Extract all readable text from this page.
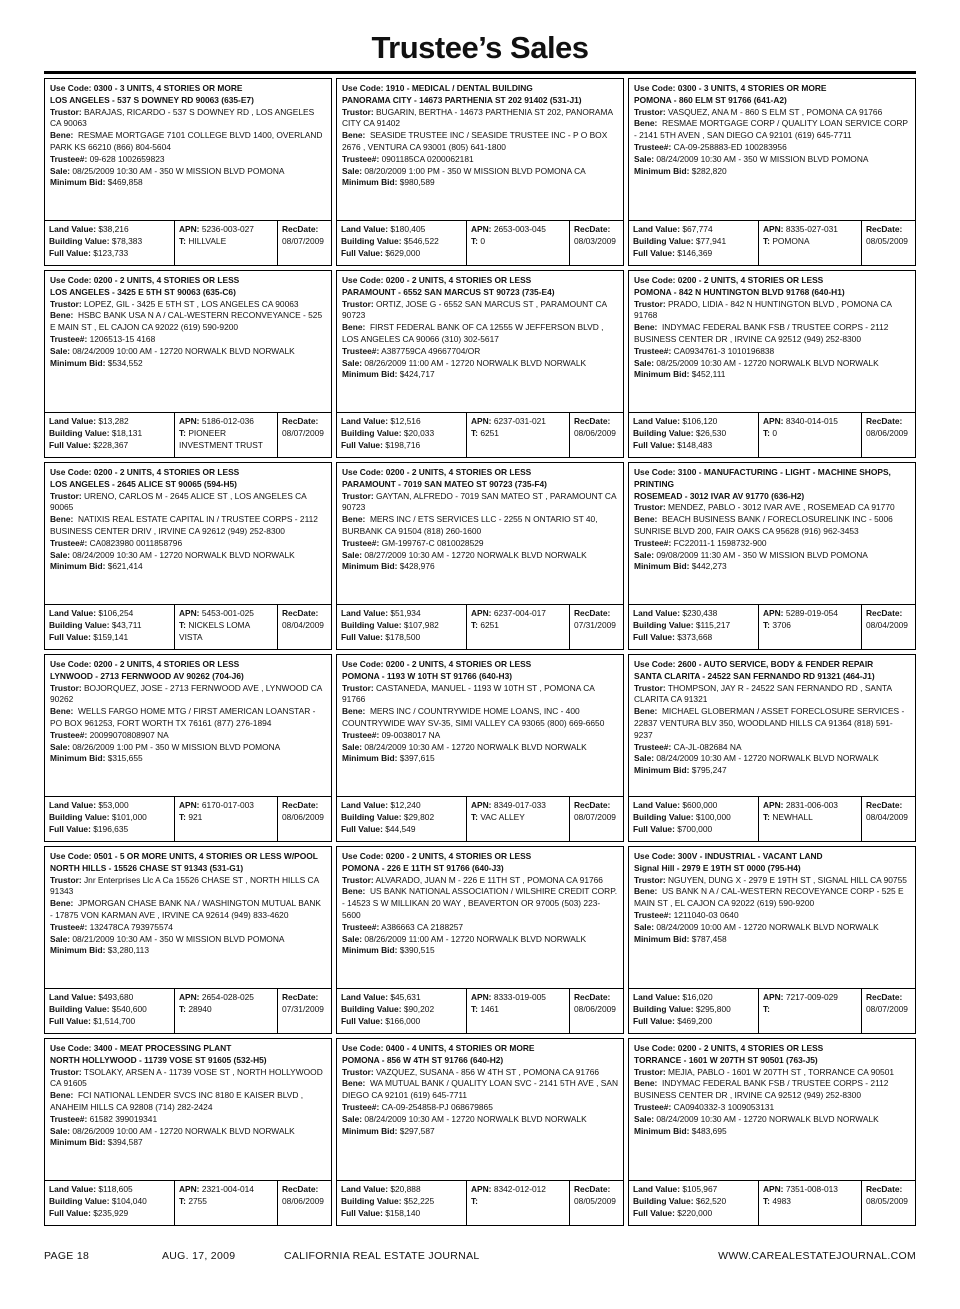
Trustee’s Sales
Use Code: 0300 - 3 UNITS, 4 STORIES OR MORE
LOS ANGELES - 537 S DOWNEY RD 90063 (635-E7)
Trustor: BARAJAS, RICARDO - 537 S DOWNEY RD , LOS ANGELES CA 90063
Bene: RESMAE MORTGAGE 7101 COLLEGE BLVD 1400, OVERLAND PARK KS 66210 (866) 804-5604
Trustee#: 09-628 1002659823
Sale: 08/25/2009 10:30 AM - 350 W MISSION BLVD POMONA
Minimum Bid: $469,858
Land Value: $38,216
Building Value: $78,383
Full Value: $123,733
APN: 5236-003-027
T: HILLVALE
RecDate:
08/07/2009
Use Code: 1910 - MEDICAL / DENTAL BUILDING
PANORAMA CITY - 14673 PARTHENIA ST 202 91402 (531-J1)
Trustor: BUGARIN, BERTHA - 14673 PARTHENIA ST 202, PANORAMA CITY CA 91402
Bene: SEASIDE TRUSTEE INC / SEASIDE TRUSTEE INC - P O BOX 2676 , VENTURA CA 93001 (805) 641-1800
Trustee#: 0901185CA 0200062181
Sale: 08/20/2009 1:00 PM - 350 W MISSION BLVD POMONA CA
Minimum Bid: $980,589
Land Value: $180,405
Building Value: $546,522
Full Value: $629,000
APN: 2653-003-045
T: 0
RecDate:
08/03/2009
Use Code: 0300 - 3 UNITS, 4 STORIES OR MORE
POMONA - 860 ELM ST 91766 (641-A2)
Trustor: VASQUEZ, ANA M - 860 S ELM ST , POMONA CA 91766
Bene: RESMAE MORTGAGE CORP / QUALITY LOAN SERVICE CORP - 2141 5TH AVEN , SAN DIEGO CA 92101 (619) 645-7711
Trustee#: CA-09-258883-ED 100283956
Sale: 08/24/2009 10:30 AM - 350 W MISSION BLVD POMONA
Minimum Bid: $282,820
Land Value: $67,774
Building Value: $77,941
Full Value: $146,369
APN: 8335-027-031
T: POMONA
RecDate:
08/05/2009
Use Code: 0200 - 2 UNITS, 4 STORIES OR LESS
LOS ANGELES - 3425 E 5TH ST 90063 (635-C6)
Trustor: LOPEZ, GIL - 3425 E 5TH ST , LOS ANGELES CA 90063
Bene: HSBC BANK USA N A / CAL-WESTERN RECONVEYANCE - 525 E MAIN ST , EL CAJON CA 92022 (619) 590-9200
Trustee#: 1206513-15 4168
Sale: 08/24/2009 10:00 AM - 12720 NORWALK BLVD NORWALK
Minimum Bid: $534,552
Land Value: $13,282
Building Value: $18,131
Full Value: $228,367
APN: 5186-012-036
T: PIONEER INVESTMENT TRUST
RecDate:
08/07/2009
Use Code: 0200 - 2 UNITS, 4 STORIES OR LESS
PARAMOUNT - 6552 SAN MARCUS ST 90723 (735-E4)
Trustor: ORTIZ, JOSE G - 6552 SAN MARCUS ST , PARAMOUNT CA 90723
Bene: FIRST FEDERAL BANK OF CA 12555 W JEFFERSON BLVD , LOS ANGELES CA 90066 (310) 302-5617
Trustee#: A387759CA 49667704/OR
Sale: 08/26/2009 11:00 AM - 12720 NORWALK BLVD NORWALK
Minimum Bid: $424,717
Land Value: $12,516
Building Value: $20,033
Full Value: $198,716
APN: 6237-031-021
T: 6251
RecDate:
08/06/2009
Use Code: 0200 - 2 UNITS, 4 STORIES OR LESS
POMONA - 842 N HUNTINGTON BLVD 91768 (640-H1)
Trustor: PRADO, LIDIA - 842 N HUNTINGTON BLVD , POMONA CA 91768
Bene: INDYMAC FEDERAL BANK FSB / TRUSTEE CORPS - 2112 BUSINESS CENTER DR , IRVINE CA 92512 (949) 252-8300
Trustee#: CA0934761-3 1010196838
Sale: 08/25/2009 10:30 AM - 12720 NORWALK BLVD NORWALK
Minimum Bid: $452,111
Land Value: $106,120
Building Value: $26,530
Full Value: $148,483
APN: 8340-014-015
T: 0
RecDate:
08/06/2009
Use Code: 0200 - 2 UNITS, 4 STORIES OR LESS
LOS ANGELES - 2645 ALICE ST 90065 (594-H5)
Trustor: URENO, CARLOS M - 2645 ALICE ST , LOS ANGELES CA 90065
Bene: NATIXIS REAL ESTATE CAPITAL IN / TRUSTEE CORPS - 2112 BUSINESS CENTER DRIV , IRVINE CA 92612 (949) 252-8300
Trustee#: CA0823980 0011858796
Sale: 08/24/2009 10:30 AM - 12720 NORWALK BLVD NORWALK
Minimum Bid: $621,414
Land Value: $106,254
Building Value: $43,711
Full Value: $159,141
APN: 5453-001-025
T: NICKELS LOMA VISTA
RecDate:
08/04/2009
Use Code: 0200 - 2 UNITS, 4 STORIES OR LESS
PARAMOUNT - 7019 SAN MATEO ST 90723 (735-F4)
Trustor: GAYTAN, ALFREDO - 7019 SAN MATEO ST , PARAMOUNT CA 90723
Bene: MERS INC / ETS SERVICES LLC - 2255 N ONTARIO ST 40, BURBANK CA 91504 (818) 260-1600
Trustee#: GM-199767-C 0810028529
Sale: 08/27/2009 10:30 AM - 12720 NORWALK BLVD NORWALK
Minimum Bid: $428,976
Land Value: $51,934
Building Value: $107,982
Full Value: $178,500
APN: 6237-004-017
T: 6251
RecDate:
07/31/2009
Use Code: 3100 - MANUFACTURING - LIGHT - MACHINE SHOPS, PRINTING
ROSEMEAD - 3012 IVAR AV 91770 (636-H2)
Trustor: MENDEZ, PABLO - 3012 IVAR AVE , ROSEMEAD CA 91770
Bene: BEACH BUSINESS BANK / FORECLOSURELINK INC - 5006 SUNRISE BLVD 200, FAIR OAKS CA 95628 (916) 962-3453
Trustee#: FC22011-1 1598732-900
Sale: 09/08/2009 11:30 AM - 350 W MISSION BLVD POMONA
Minimum Bid: $442,273
Land Value: $230,438
Building Value: $115,217
Full Value: $373,668
APN: 5289-019-054
T: 3706
RecDate:
08/04/2009
Use Code: 0200 - 2 UNITS, 4 STORIES OR LESS
LYNWOOD - 2713 FERNWOOD AV 90262 (704-J6)
Trustor: BOJORQUEZ, JOSE - 2713 FERNWOOD AVE , LYNWOOD CA 90262
Bene: WELLS FARGO HOME MTG / FIRST AMERICAN LOANSTAR - PO BOX 961253, FORT WORTH TX 76161 (877) 276-1894
Trustee#: 20099070808907 NA
Sale: 08/26/2009 1:00 PM - 350 W MISSION BLVD POMONA
Minimum Bid: $315,655
Land Value: $53,000
Building Value: $101,000
Full Value: $196,635
APN: 6170-017-003
T: 921
RecDate:
08/06/2009
Use Code: 0200 - 2 UNITS, 4 STORIES OR LESS
POMONA - 1193 W 10TH ST 91766 (640-H3)
Trustor: CASTANEDA, MANUEL - 1193 W 10TH ST , POMONA CA 91766
Bene: MERS INC / COUNTRYWIDE HOME LOANS, INC - 400 COUNTRYWIDE WAY SV-35, SIMI VALLEY CA 93065 (800) 669-6650
Trustee#: 09-0038017 NA
Sale: 08/24/2009 10:30 AM - 12720 NORWALK BLVD NORWALK
Minimum Bid: $397,615
Land Value: $12,240
Building Value: $29,802
Full Value: $44,549
APN: 8349-017-033
T: VAC ALLEY
RecDate:
08/07/2009
Use Code: 2600 - AUTO SERVICE, BODY & FENDER REPAIR
SANTA CLARITA - 24522 SAN FERNANDO RD 91321 (464-J1)
Trustor: THOMPSON, JAY R - 24522 SAN FERNANDO RD , SANTA CLARITA CA 91321
Bene: MICHAEL GLOBERMAN / ASSET FORECLOSURE SERVICES - 22837 VENTURA BLV 350, WOODLAND HILLS CA 91364 (818) 591-9237
Trustee#: CA-JL-082684 NA
Sale: 08/24/2009 10:30 AM - 12720 NORWALK BLVD NORWALK
Minimum Bid: $795,247
Land Value: $600,000
Building Value: $100,000
Full Value: $700,000
APN: 2831-006-003
T: NEWHALL
RecDate:
08/04/2009
Use Code: 0501 - 5 OR MORE UNITS, 4 STORIES OR LESS W/POOL
NORTH HILLS - 15526 CHASE ST 91343 (531-G1)
Trustor: Jnr Enterprises Llc A Ca 15526 CHASE ST , NORTH HILLS CA 91343
Bene: JPMORGAN CHASE BANK NA / WASHINGTON MUTUAL BANK - 17875 VON KARMAN AVE , IRVINE CA 92614 (949) 833-4620
Trustee#: 132478CA 793975574
Sale: 08/21/2009 10:30 AM - 350 W MISSION BLVD POMONA
Minimum Bid: $3,280,113
Land Value: $493,680
Building Value: $540,600
Full Value: $1,514,700
APN: 2654-028-025
T: 28940
RecDate:
07/31/2009
Use Code: 0200 - 2 UNITS, 4 STORIES OR LESS
POMONA - 226 E 11TH ST 91766 (640-J3)
Trustor: ALVARADO, JUAN M - 226 E 11TH ST , POMONA CA 91766
Bene: US BANK NATIONAL ASSOCIATION / WILSHIRE CREDIT CORP. - 14523 S W MILLIKAN 20 WAY , BEAVERTON OR 97005 (503) 223-5600
Trustee#: A386663 CA 2188257
Sale: 08/26/2009 11:00 AM - 12720 NORWALK BLVD NORWALK
Minimum Bid: $390,515
Land Value: $45,631
Building Value: $90,202
Full Value: $166,000
APN: 8333-019-005
T: 1461
RecDate:
08/06/2009
Use Code: 300V - INDUSTRIAL - VACANT LAND
Signal Hill - 2979 E 19TH ST 0000 (795-H4)
Trustor: NGUYEN, DUNG X - 2979 E 19TH ST , SIGNAL HILL CA 90755
Bene: US BANK N A / CAL-WESTERN RECOVEYANCE CORP - 525 E MAIN ST , EL CAJON CA 92022 (619) 590-9200
Trustee#: 1211040-03 0640
Sale: 08/24/2009 10:00 AM - 12720 NORWALK BLVD NORWALK
Minimum Bid: $787,458
Land Value: $16,020
Building Value: $295,800
Full Value: $469,200
APN: 7217-009-029
T:
RecDate:
08/07/2009
Use Code: 3400 - MEAT PROCESSING PLANT
NORTH HOLLYWOOD - 11739 VOSE ST 91605 (532-H5)
Trustor: TSOLAKY, ARSEN A - 11739 VOSE ST , NORTH HOLLYWOOD CA 91605
Bene: FCI NATIONAL LENDER SVCS INC 8180 E KAISER BLVD , ANAHEIM HILLS CA 92808 (714) 282-2424
Trustee#: 61582 399019341
Sale: 08/26/2009 10:00 AM - 12720 NORWALK BLVD NORWALK
Minimum Bid: $394,587
Land Value: $118,605
Building Value: $104,040
Full Value: $235,929
APN: 2321-004-014
T: 2755
RecDate:
08/06/2009
Use Code: 0400 - 4 UNITS, 4 STORIES OR MORE
POMONA - 856 W 4TH ST 91766 (640-H2)
Trustor: VAZQUEZ, SUSANA - 856 W 4TH ST , POMONA CA 91766
Bene: WA MUTUAL BANK / QUALITY LOAN SVC - 2141 5TH AVE , SAN DIEGO CA 92101 (619) 645-7711
Trustee#: CA-09-254858-PJ 068679865
Sale: 08/24/2009 10:30 AM - 12720 NORWALK BLVD NORWALK
Minimum Bid: $297,587
Land Value: $20,888
Building Value: $52,225
Full Value: $158,140
APN: 8342-012-012
T:
RecDate:
08/05/2009
Use Code: 0200 - 2 UNITS, 4 STORIES OR LESS
TORRANCE - 1601 W 207TH ST 90501 (763-J5)
Trustor: MEJIA, PABLO - 1601 W 207TH ST , TORRANCE CA 90501
Bene: INDYMAC FEDERAL BANK FSB / TRUSTEE CORPS - 2112 BUSINESS CENTER DR , IRVINE CA 92512 (949) 252-8300
Trustee#: CA0940332-3 1009053131
Sale: 08/24/2009 10:30 AM - 12720 NORWALK BLVD NORWALK
Minimum Bid: $483,695
Land Value: $105,967
Building Value: $62,520
Full Value: $220,000
APN: 7351-008-013
T: 4983
RecDate:
08/05/2009
PAGE 18	AUG. 17, 2009	CALIFORNIA REAL ESTATE JOURNAL	WWW.CAREALESTATEJOURNAL.COM
